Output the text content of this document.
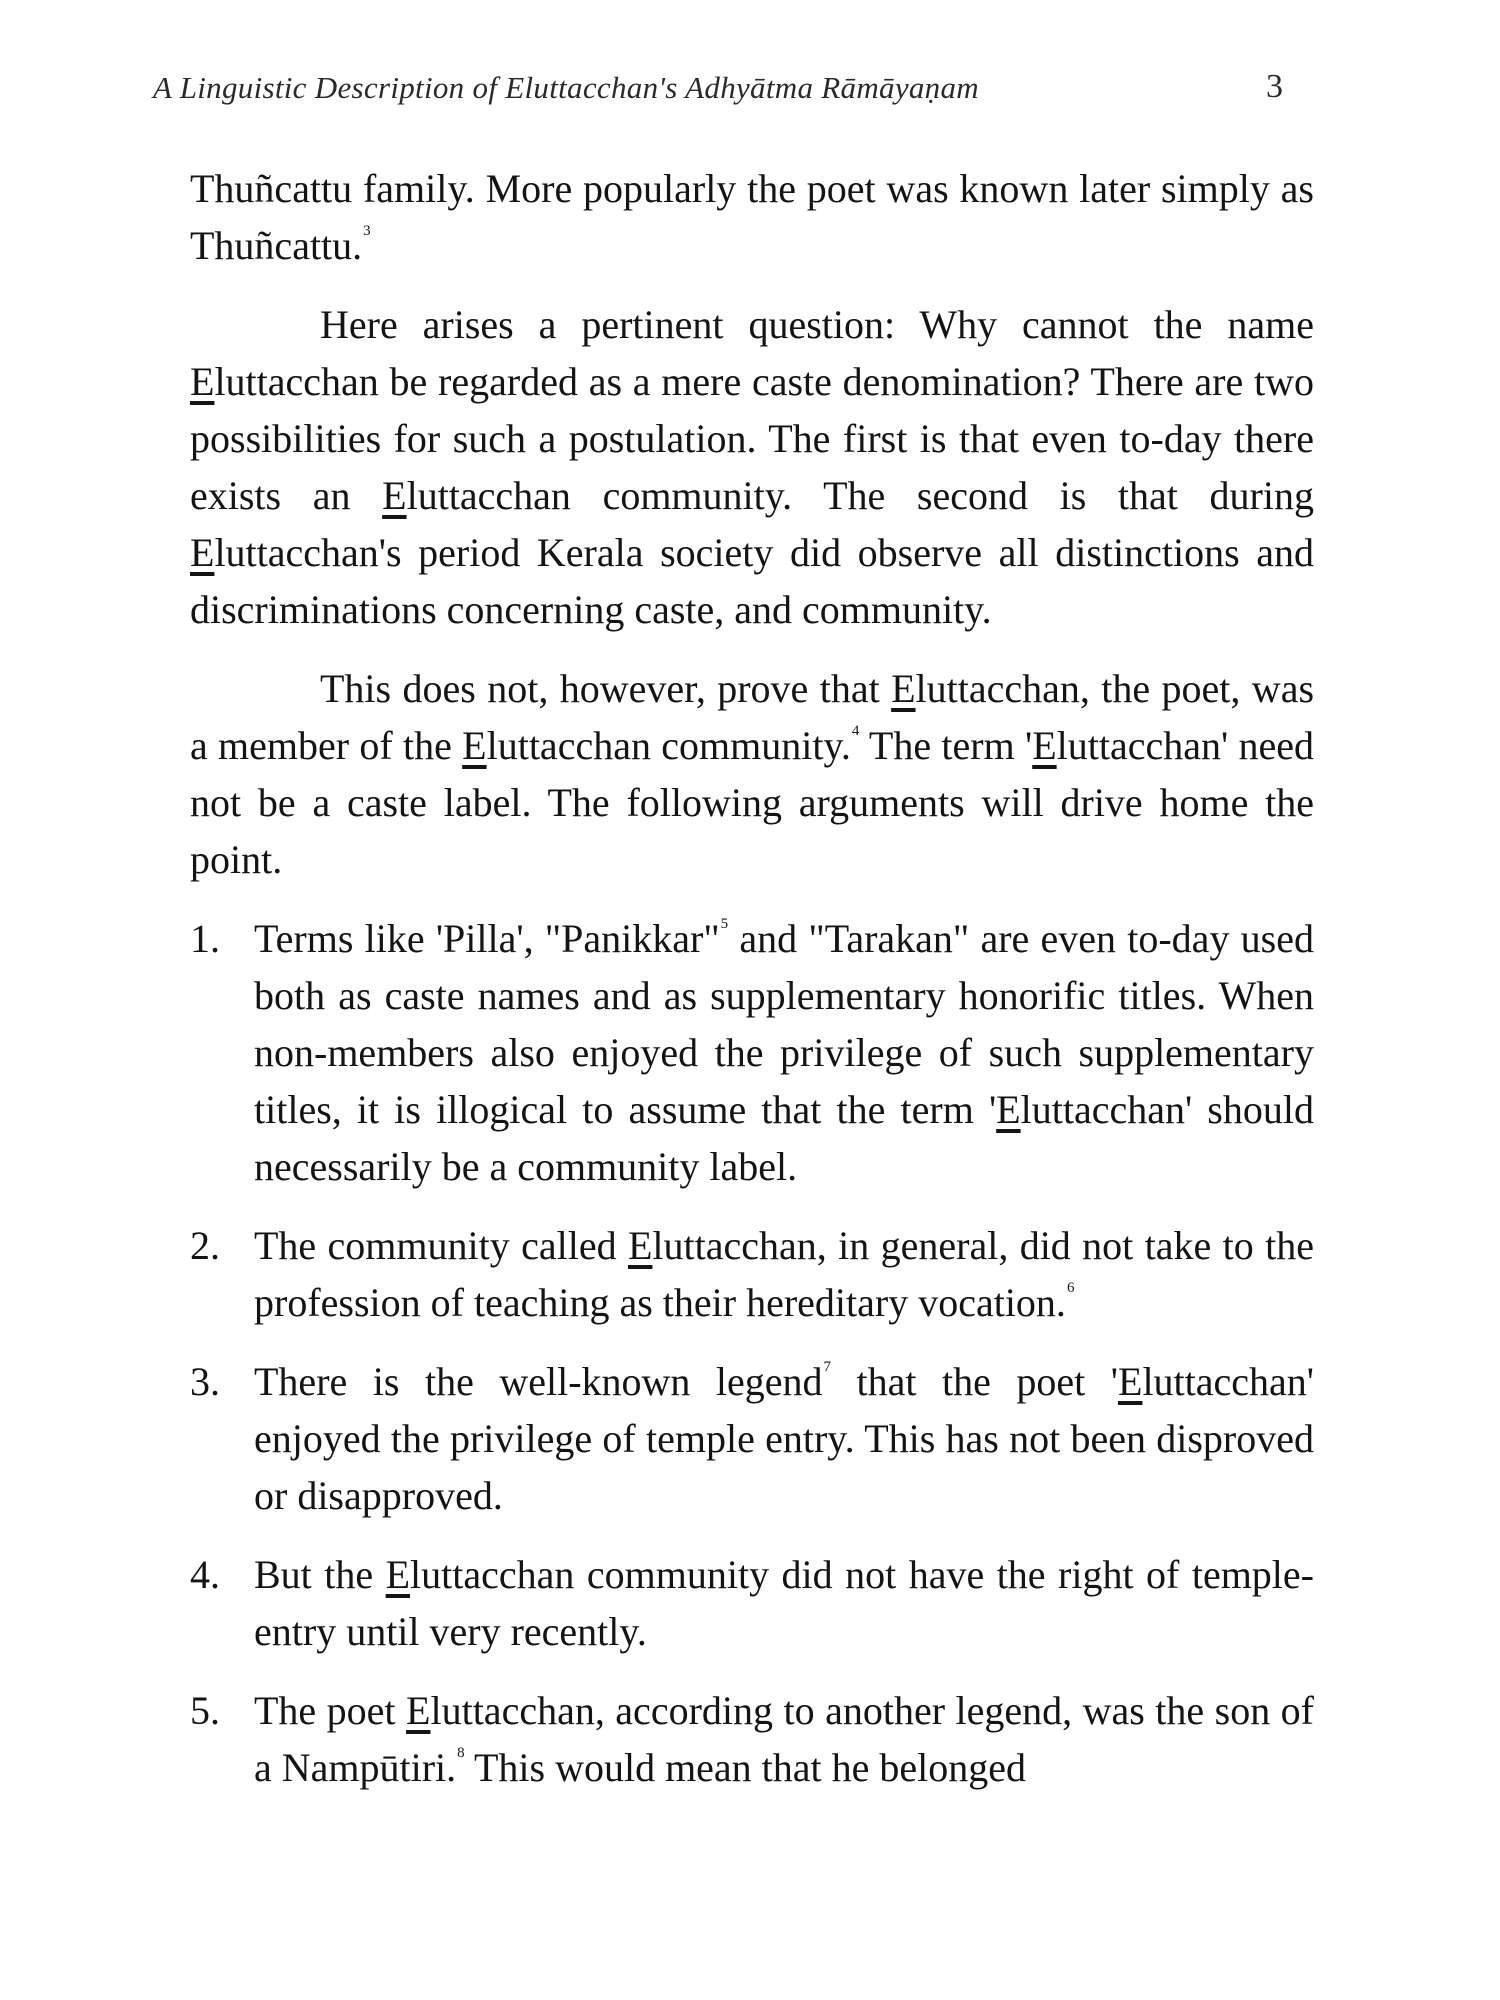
A Linguistic Description of Eluttacchan's Adhyātma Rāmāyaṇam	3

Thuñcattu family. More popularly the poet was known later simply as Thuñcattu.$^3$

Here arises a pertinent question: Why cannot the name Eluttacchan be regarded as a mere caste denomination? There are two possibilities for such a postulation. The first is that even to-day there exists an Eluttacchan community. The second is that during Eluttacchan's period Kerala society did observe all distinctions and discriminations concerning caste, and community.

This does not, however, prove that Eluttacchan, the poet, was a member of the Eluttacchan community.$^4$ The term 'Eluttacchan' need not be a caste label. The following arguments will drive home the point.

1. Terms like 'Pilla', "Panikkar"$^5$ and "Tarakan" are even to-day used both as caste names and as supplementary honorific titles. When non-members also enjoyed the privilege of such supplementary titles, it is illogical to assume that the term 'Eluttacchan' should necessarily be a community label.
2. The community called Eluttacchan, in general, did not take to the profession of teaching as their hereditary vocation.$^6$
3. There is the well-known legend$^7$ that the poet 'Eluttacchan' enjoyed the privilege of temple entry. This has not been disproved or disapproved.
4. But the Eluttacchan community did not have the right of temple-entry until very recently.
5. The poet Eluttacchan, according to another legend, was the son of a Nampūtiri.$^8$ This would mean that he belonged
